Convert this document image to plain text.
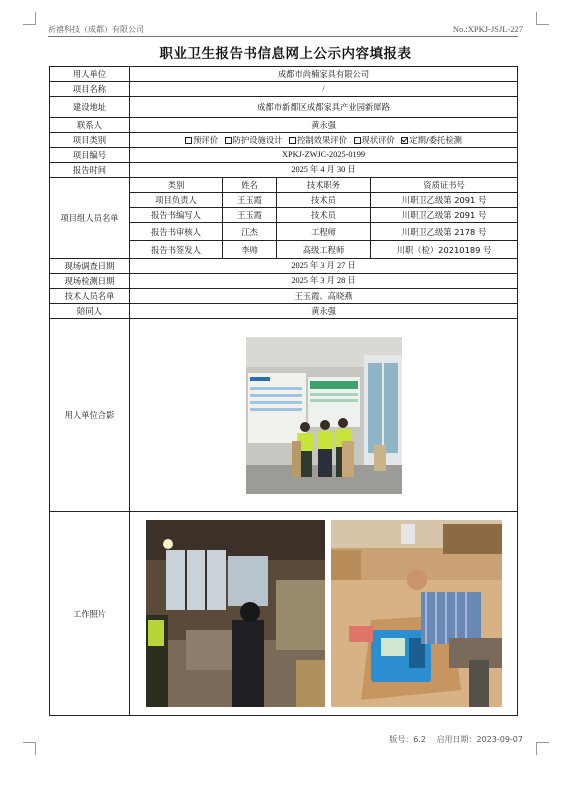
祈禧科技（成都）有限公司	No.:XPKJ-JSJL-227
职业卫生报告书信息网上公示内容填报表
用人单位	成都市尚楠家具有限公司			
项目名称	/			
建设地址	成都市新都区成都家具产业园新犀路			
联系人	黄永强			
项目类别	预评价 防护设施设计 控制效果评价 现状评价 定期/委托检测			
项目编号	XPKJ-ZWJC-2025-0199			
报告时间	2025 年 4 月 30 日			
项目组人员名单	类别	姓名	技术职务	资质证书号
	项目负责人	王玉霞	技术员	川职卫乙级第 2091 号
	报告书编写人	王玉霞	技术员	川职卫乙级第 2091 号
	报告书审核人	江杰	工程师	川职卫乙级第 2178 号
	报告书签发人	李帅	高级工程师	川职（检）20210189 号
现场调查日期	2025 年 3 月 27 日			
现场检测日期	2025 年 3 月 28 日			
技术人员名单	王玉霞、高晓燕			
陪同人	黄永强			
用人单位合影	

工作照片	
版号：6.2 启用日期：2023-09-07
